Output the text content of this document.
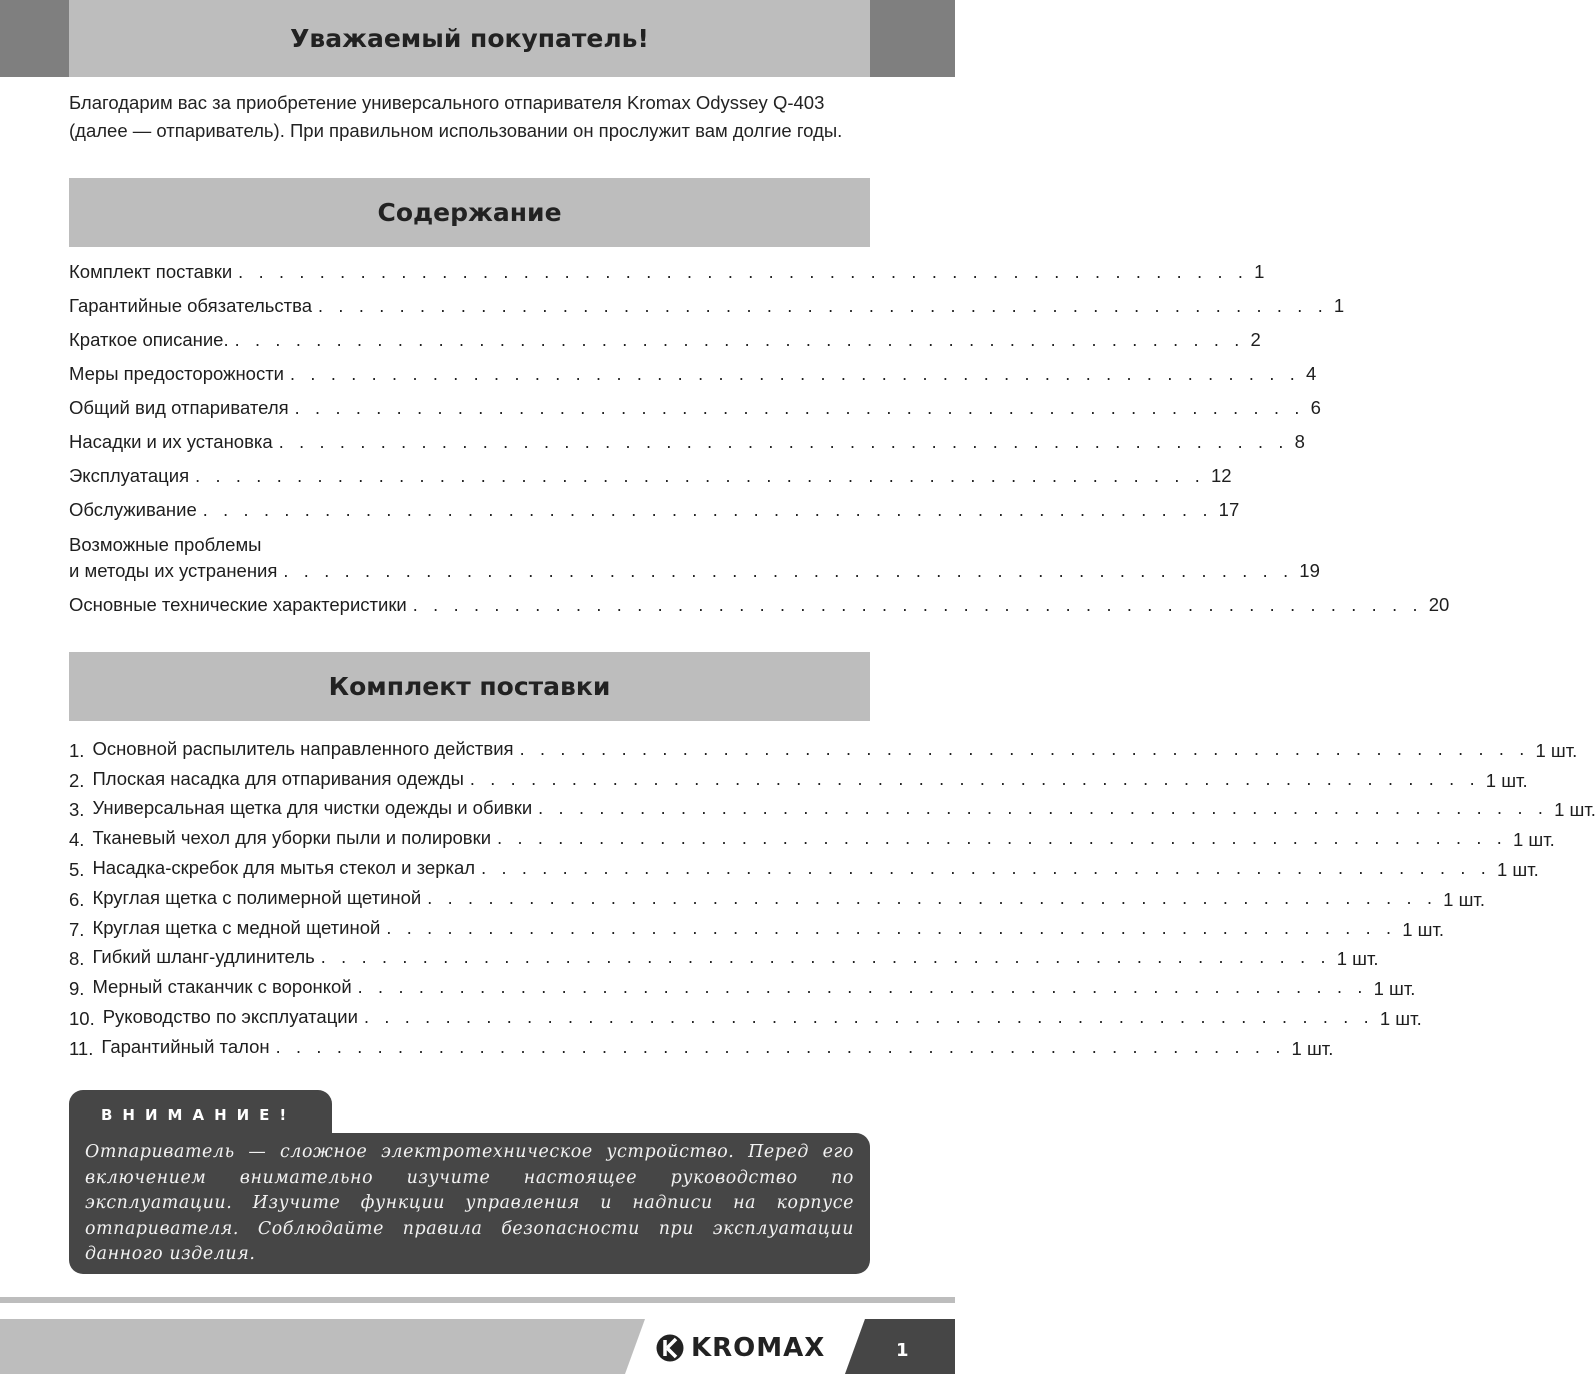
Уважаемый покупатель!

Благодарим вас за приобретение универсального отпаривателя Kromax Odyssey Q-403 (далее — отпариватель). При правильном использовании он прослужит вам долгие годы.

Содержание
Комплект поставки . . . . . . . . . . . . . . . . . . . . . . . . . . . . . . . . . . . . . . . . . . . . . . . . . . 1
Гарантийные обязательства . . . . . . . . . . . . . . . . . . . . . . . . . . . . . . . . . . . . . . . . . . . . . . . . . . 1
Краткое описание. . . . . . . . . . . . . . . . . . . . . . . . . . . . . . . . . . . . . . . . . . . . . . . . . . . 2
Меры предосторожности . . . . . . . . . . . . . . . . . . . . . . . . . . . . . . . . . . . . . . . . . . . . . . . . . . 4
Общий вид отпаривателя . . . . . . . . . . . . . . . . . . . . . . . . . . . . . . . . . . . . . . . . . . . . . . . . . . 6
Насадки и их установка . . . . . . . . . . . . . . . . . . . . . . . . . . . . . . . . . . . . . . . . . . . . . . . . . . 8
Эксплуатация . . . . . . . . . . . . . . . . . . . . . . . . . . . . . . . . . . . . . . . . . . . . . . . . . . 12
Обслуживание . . . . . . . . . . . . . . . . . . . . . . . . . . . . . . . . . . . . . . . . . . . . . . . . . . 17
Возможные проблемы
и методы их устранения . . . . . . . . . . . . . . . . . . . . . . . . . . . . . . . . . . . . . . . . . . . . . . . . . . 19
Основные технические характеристики . . . . . . . . . . . . . . . . . . . . . . . . . . . . . . . . . . . . . . . . . . . . . . . . . . 20
Комплект поставки
1. Основной распылитель направленного действия . . . . . . . . . . . . . . . . . . . . . . . . . . . . . . . . . . . . . . . . . . . . . . . . . . 1 шт.
2. Плоская насадка для отпаривания одежды . . . . . . . . . . . . . . . . . . . . . . . . . . . . . . . . . . . . . . . . . . . . . . . . . . 1 шт.
3. Универсальная щетка для чистки одежды и обивки . . . . . . . . . . . . . . . . . . . . . . . . . . . . . . . . . . . . . . . . . . . . . . . . . . 1 шт.
4. Тканевый чехол для уборки пыли и полировки . . . . . . . . . . . . . . . . . . . . . . . . . . . . . . . . . . . . . . . . . . . . . . . . . . 1 шт.
5. Насадка-скребок для мытья стекол и зеркал . . . . . . . . . . . . . . . . . . . . . . . . . . . . . . . . . . . . . . . . . . . . . . . . . . 1 шт.
6. Круглая щетка с полимерной щетиной . . . . . . . . . . . . . . . . . . . . . . . . . . . . . . . . . . . . . . . . . . . . . . . . . . 1 шт.
7. Круглая щетка с медной щетиной . . . . . . . . . . . . . . . . . . . . . . . . . . . . . . . . . . . . . . . . . . . . . . . . . . 1 шт.
8. Гибкий шланг-удлинитель . . . . . . . . . . . . . . . . . . . . . . . . . . . . . . . . . . . . . . . . . . . . . . . . . . 1 шт.
9. Мерный стаканчик с воронкой . . . . . . . . . . . . . . . . . . . . . . . . . . . . . . . . . . . . . . . . . . . . . . . . . . 1 шт.
10. Руководство по эксплуатации . . . . . . . . . . . . . . . . . . . . . . . . . . . . . . . . . . . . . . . . . . . . . . . . . . 1 шт.
11. Гарантийный талон . . . . . . . . . . . . . . . . . . . . . . . . . . . . . . . . . . . . . . . . . . . . . . . . . . 1 шт.
ВНИМАНИЕ!

Отпариватель — сложное электротехническое устройство. Перед его включением внимательно изучите настоящее руководство по эксплуатации. Изучите функции управления и надписи на корпусе отпаривателя. Соблюдайте правила безопасности при эксплуатации данного изделия.

KROMAX	1
